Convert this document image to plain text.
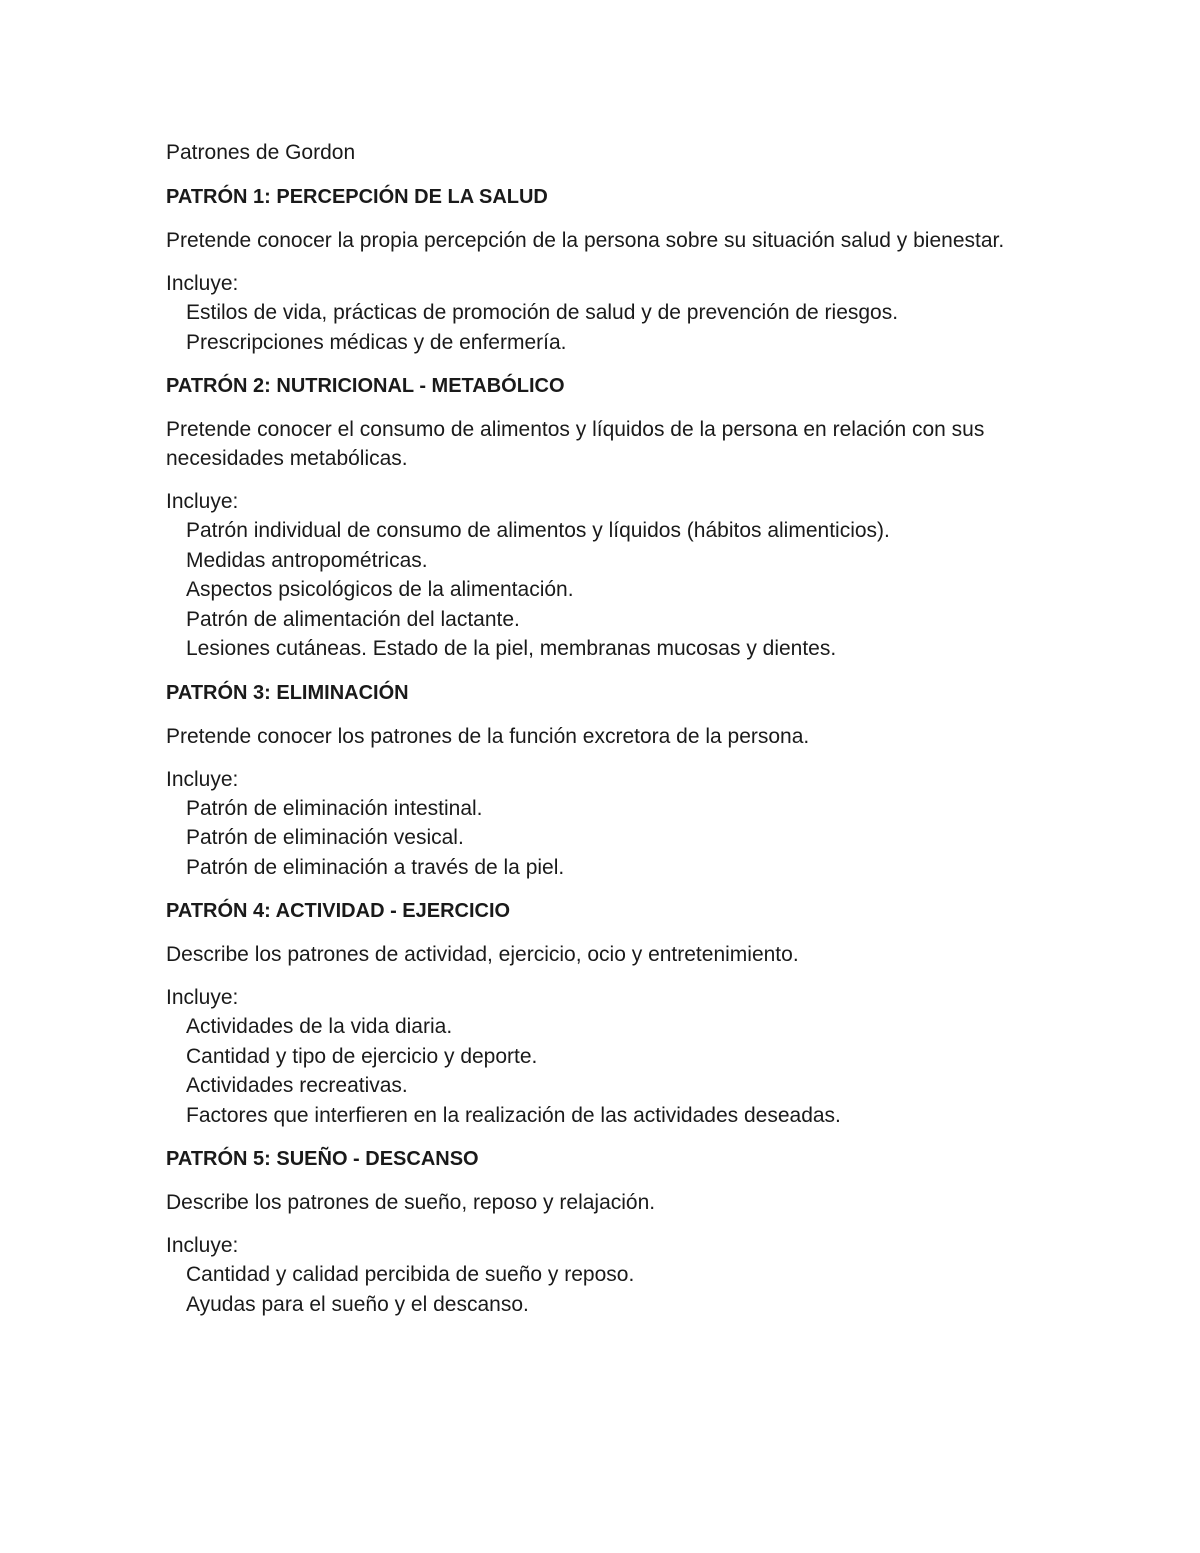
Patrones de Gordon
PATRÓN 1: PERCEPCIÓN DE LA SALUD
Pretende conocer la propia percepción de la persona sobre su situación salud y bienestar.
Incluye:
Estilos de vida, prácticas de promoción de salud y de prevención de riesgos.
Prescripciones médicas y de enfermería.
PATRÓN 2: NUTRICIONAL - METABÓLICO
Pretende conocer el consumo de alimentos y líquidos de la persona en relación con sus necesidades metabólicas.
Incluye:
Patrón individual de consumo de alimentos y líquidos (hábitos alimenticios).
Medidas antropométricas.
Aspectos psicológicos de la alimentación.
Patrón de alimentación del lactante.
Lesiones cutáneas. Estado de la piel, membranas mucosas y dientes.
PATRÓN 3: ELIMINACIÓN
Pretende conocer los patrones de la función excretora de la persona.
Incluye:
Patrón de eliminación intestinal.
Patrón de eliminación vesical.
Patrón de eliminación a través de la piel.
PATRÓN 4: ACTIVIDAD - EJERCICIO
Describe los patrones de actividad, ejercicio, ocio y entretenimiento.
Incluye:
Actividades de la vida diaria.
Cantidad y tipo de ejercicio y deporte.
Actividades recreativas.
Factores que interfieren en la realización de las actividades deseadas.
PATRÓN 5: SUEÑO - DESCANSO
Describe los patrones de sueño, reposo y relajación.
Incluye:
Cantidad y calidad percibida de sueño y reposo.
Ayudas para el sueño y el descanso.
